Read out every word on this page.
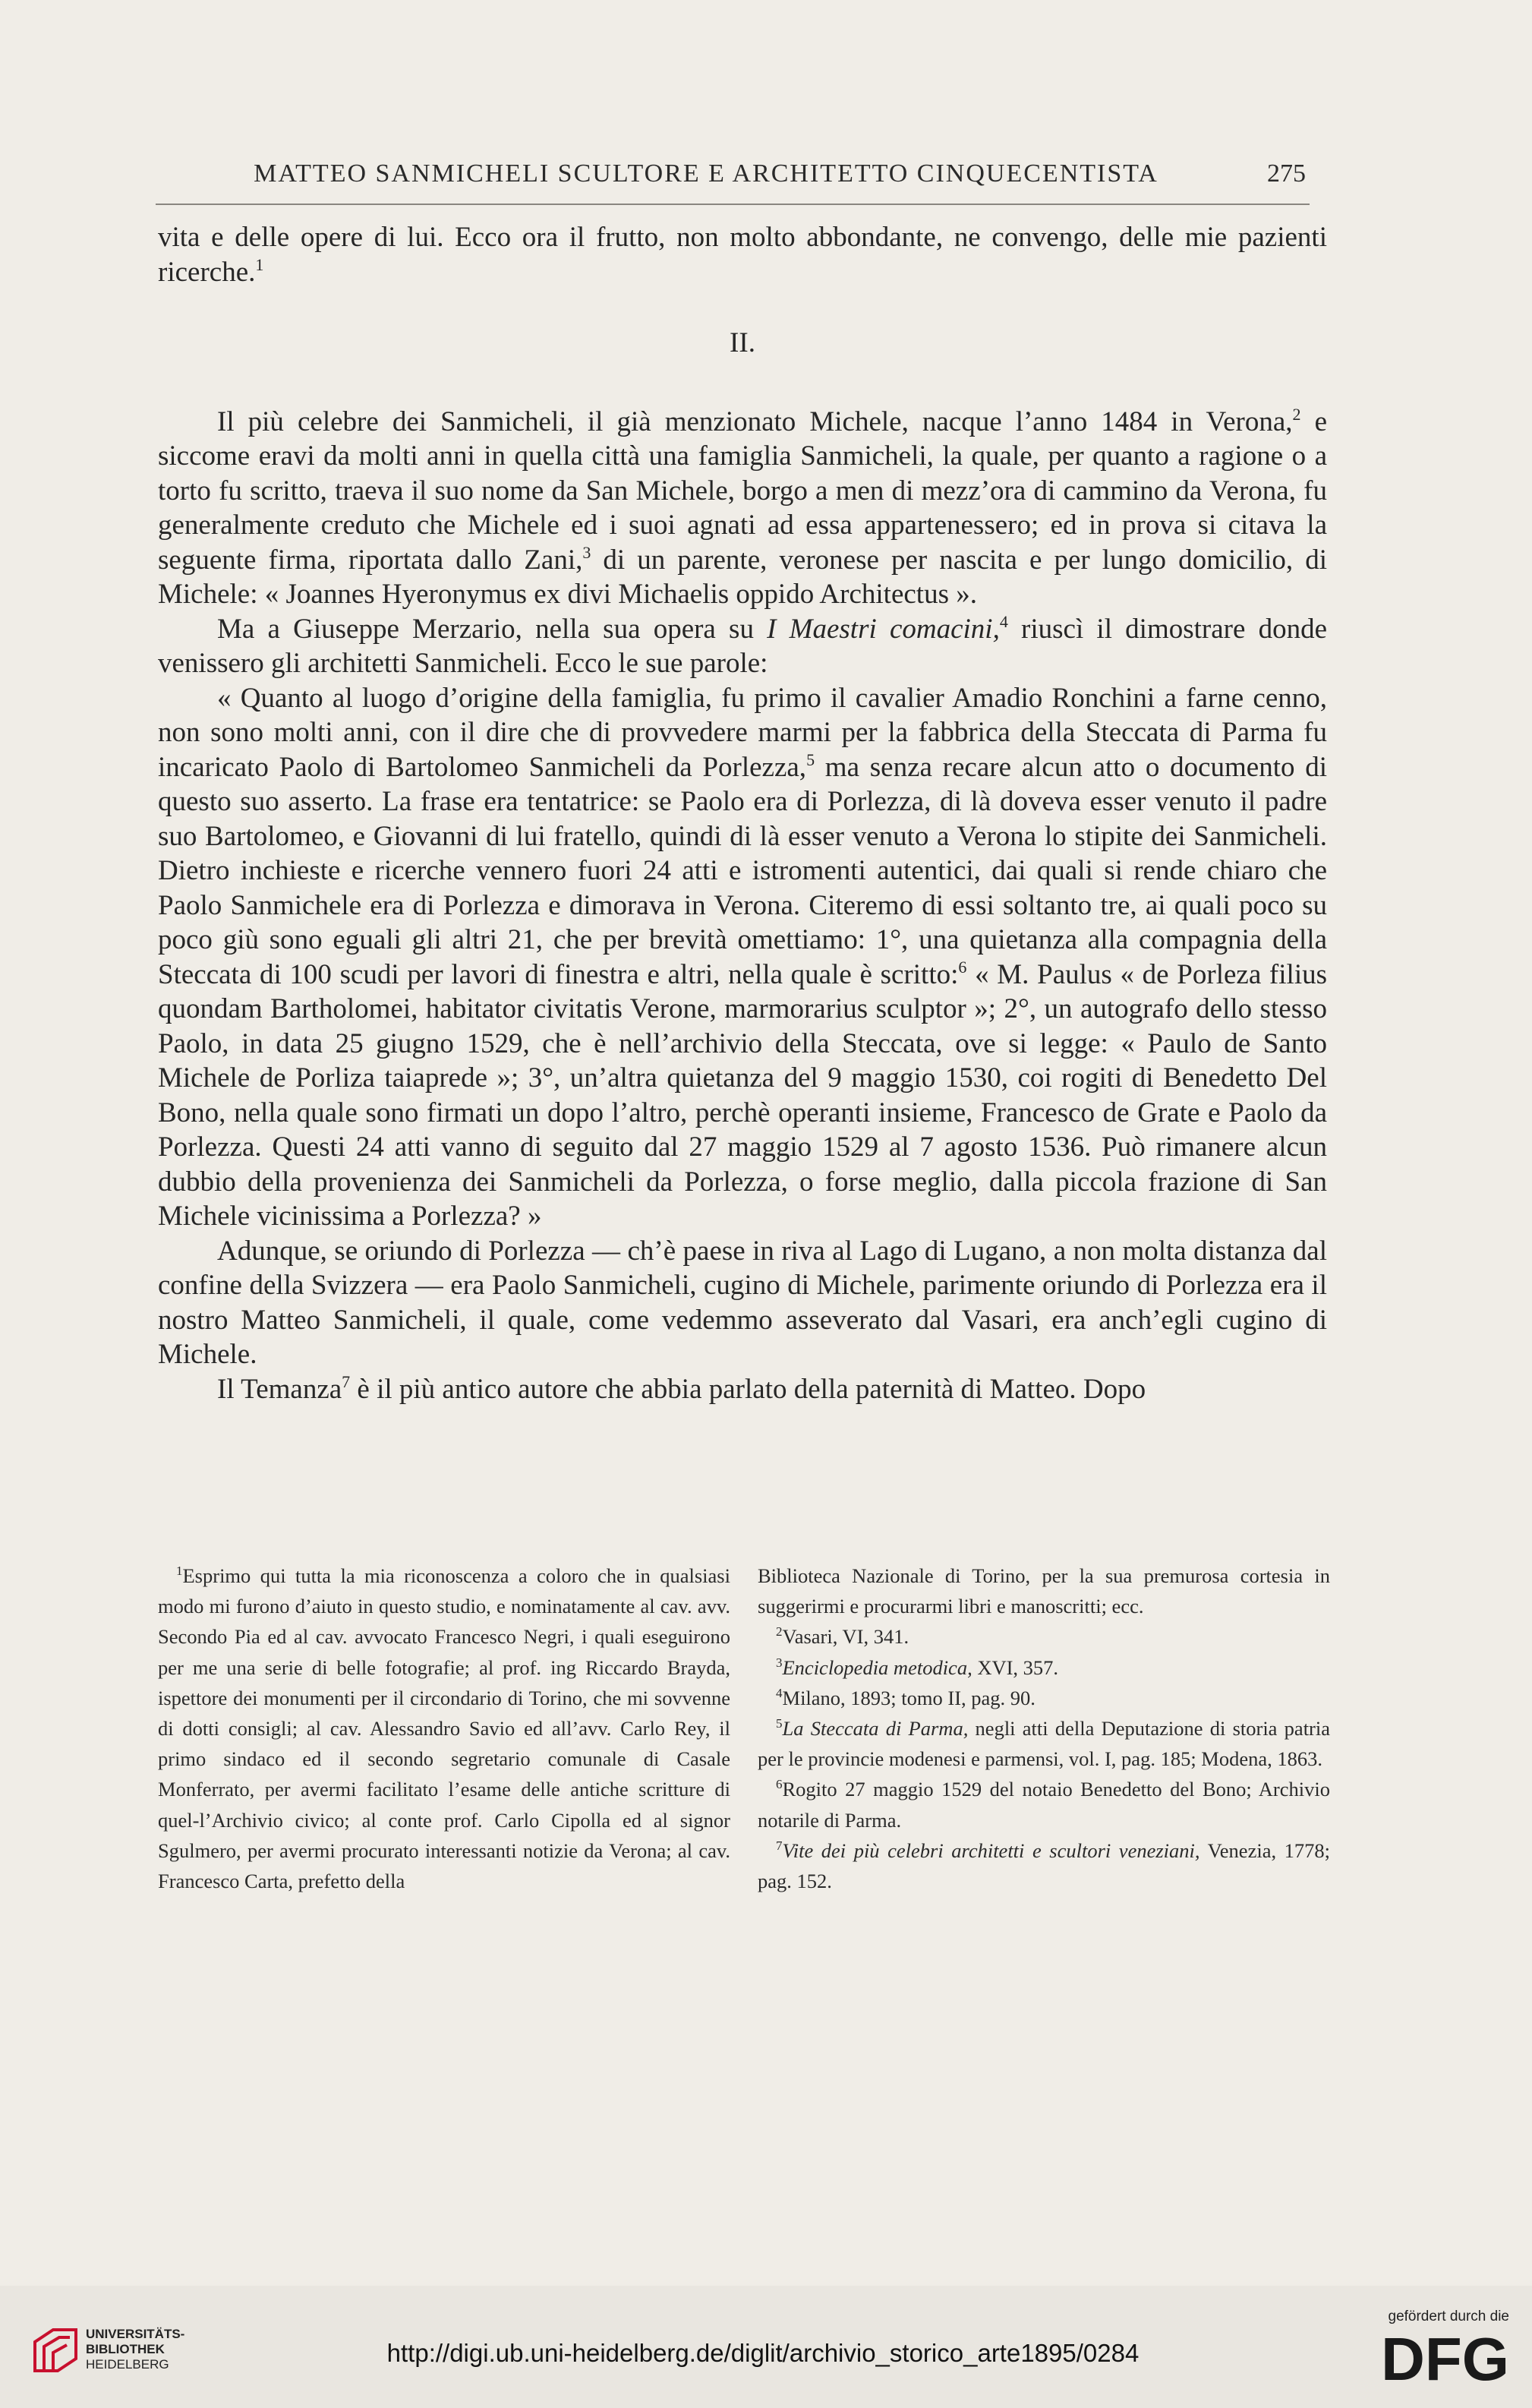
MATTEO SANMICHELI SCULTORE E ARCHITETTO CINQUECENTISTA	275

vita e delle opere di lui. Ecco ora il frutto, non molto abbondante, ne convengo, delle mie pazienti ricerche.$^1$

II.

Il più celebre dei Sanmicheli, il già menzionato Michele, nacque l’anno 1484 in Verona,$^2$ e siccome eravi da molti anni in quella città una famiglia Sanmicheli, la quale, per quanto a ragione o a torto fu scritto, traeva il suo nome da San Michele, borgo a men di mezz’ora di cammino da Verona, fu generalmente creduto che Michele ed i suoi agnati ad essa appartenessero; ed in prova si citava la seguente firma, riportata dallo Zani,$^3$ di un parente, veronese per nascita e per lungo domicilio, di Michele: « Joannes Hyeronymus ex divi Michaelis oppido Architectus ».

Ma a Giuseppe Merzario, nella sua opera su I Maestri comacini,$^4$ riuscì il dimostrare donde venissero gli architetti Sanmicheli. Ecco le sue parole:

« Quanto al luogo d’origine della famiglia, fu primo il cavalier Amadio Ronchini a farne cenno, non sono molti anni, con il dire che di provvedere marmi per la fabbrica della Steccata di Parma fu incaricato Paolo di Bartolomeo Sanmicheli da Porlezza,$^5$ ma senza recare alcun atto o documento di questo suo asserto. La frase era tentatrice: se Paolo era di Porlezza, di là doveva esser venuto il padre suo Bartolomeo, e Giovanni di lui fratello, quindi di là esser venuto a Verona lo stipite dei Sanmicheli. Dietro inchieste e ricerche vennero fuori 24 atti e istromenti autentici, dai quali si rende chiaro che Paolo Sanmichele era di Porlezza e dimorava in Verona. Citeremo di essi soltanto tre, ai quali poco su poco giù sono eguali gli altri 21, che per brevità omettiamo: 1°, una quietanza alla compagnia della Steccata di 100 scudi per lavori di finestra e altri, nella quale è scritto:$^6$ « M. Paulus « de Porleza filius quondam Bartholomei, habitator civitatis Verone, marmorarius sculptor »; 2°, un autografo dello stesso Paolo, in data 25 giugno 1529, che è nell’archivio della Steccata, ove si legge: « Paulo de Santo Michele de Porliza taiaprede »; 3°, un’altra quietanza del 9 maggio 1530, coi rogiti di Benedetto Del Bono, nella quale sono firmati un dopo l’altro, perchè operanti insieme, Francesco de Grate e Paolo da Porlezza. Questi 24 atti vanno di seguito dal 27 maggio 1529 al 7 agosto 1536. Può rimanere alcun dubbio della provenienza dei Sanmicheli da Porlezza, o forse meglio, dalla piccola frazione di San Michele vicinissima a Porlezza? »

Adunque, se oriundo di Porlezza — ch’è paese in riva al Lago di Lugano, a non molta distanza dal confine della Svizzera — era Paolo Sanmicheli, cugino di Michele, parimente oriundo di Porlezza era il nostro Matteo Sanmicheli, il quale, come vedemmo asseverato dal Vasari, era anch’egli cugino di Michele.

Il Temanza$^7$ è il più antico autore che abbia parlato della paternità di Matteo. Dopo

$^1$Esprimo qui tutta la mia riconoscenza a coloro che in qualsiasi modo mi furono d’aiuto in questo studio, e nominatamente al cav. avv. Secondo Pia ed al cav. avvocato Francesco Negri, i quali eseguirono per me una serie di belle fotografie; al prof. ing Riccardo Brayda, ispettore dei monumenti per il circondario di Torino, che mi sovvenne di dotti consigli; al cav. Alessandro Savio ed all’avv. Carlo Rey, il primo sindaco ed il secondo segretario comunale di Casale Monferrato, per avermi facilitato l’esame delle antiche scritture di quel-l’Archivio civico; al conte prof. Carlo Cipolla ed al signor Sgulmero, per avermi procurato interessanti notizie da Verona; al cav. Francesco Carta, prefetto della

Biblioteca Nazionale di Torino, per la sua premurosa cortesia in suggerirmi e procurarmi libri e manoscritti; ecc.

$^2$Vasari, VI, 341.

$^3$Enciclopedia metodica, XVI, 357.

$^4$Milano, 1893; tomo II, pag. 90.

$^5$La Steccata di Parma, negli atti della Deputazione di storia patria per le provincie modenesi e parmensi, vol. I, pag. 185; Modena, 1863.

$^6$Rogito 27 maggio 1529 del notaio Benedetto del Bono; Archivio notarile di Parma.

$^7$Vite dei più celebri architetti e scultori veneziani, Venezia, 1778; pag. 152.

UNIVERSITÄTS-
BIBLIOTHEK
HEIDELBERG	http://digi.ub.uni-heidelberg.de/diglit/archivio_storico_arte1895/0284
gefördert durch die
DFG
